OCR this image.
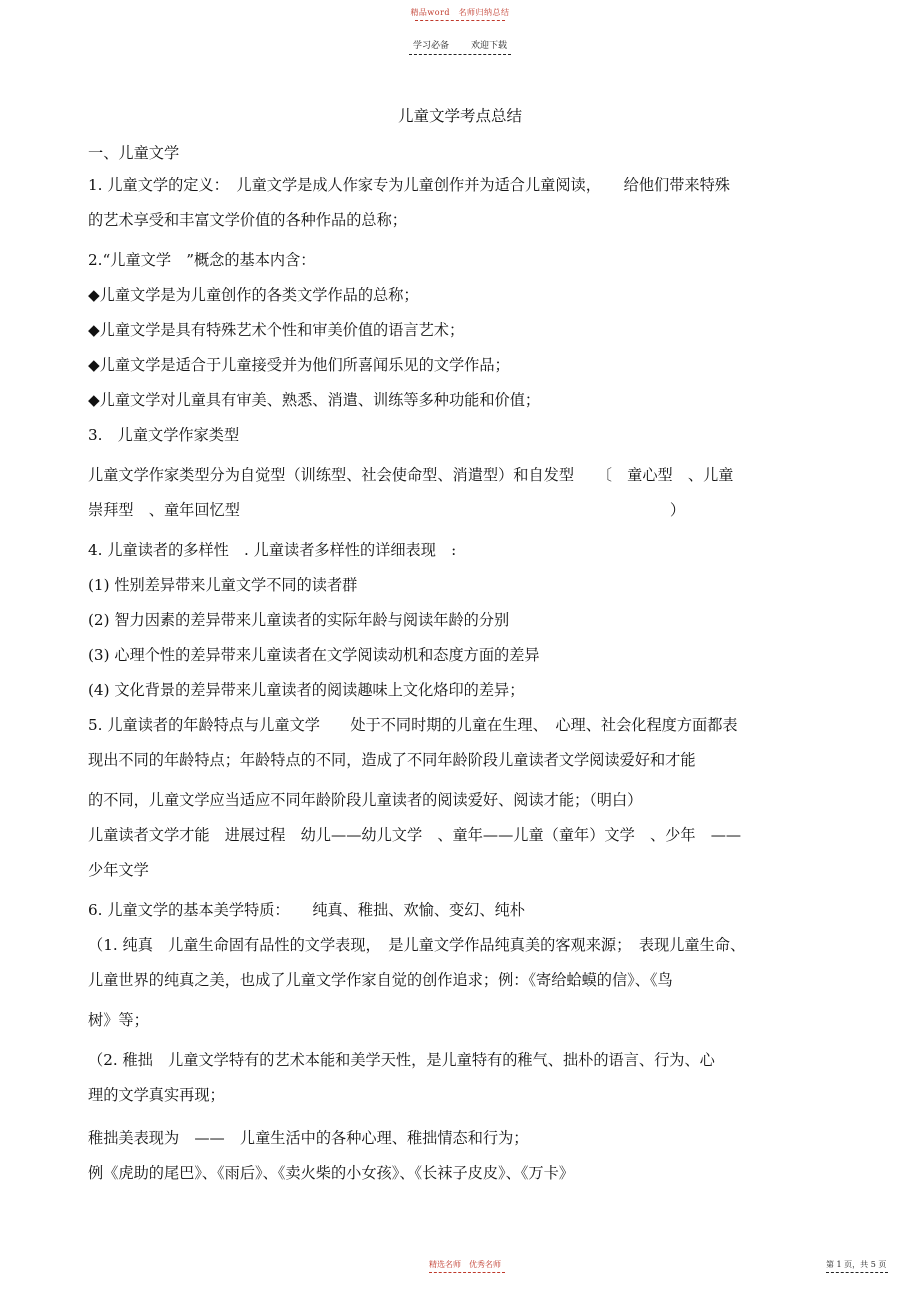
精品word　名师归纳总结
学习必备 欢迎下载
儿童文学考点总结
一、儿童文学
1. 儿童文学的定义：　儿童文学是成人作家专为儿童创作并为适合儿童阅读，　　给他们带来特殊
的艺术享受和丰富文学价值的各种作品的总称；
2.“儿童文学　”概念的基本内含：
◆儿童文学是为儿童创作的各类文学作品的总称；
◆儿童文学是具有特殊艺术个性和审美价值的语言艺术；
◆儿童文学是适合于儿童接受并为他们所喜闻乐见的文学作品；
◆儿童文学对儿童具有审美、熟悉、消遣、训练等多种功能和价值；
3.　儿童文学作家类型
儿童文学作家类型分为自觉型（训练型、社会使命型、消遣型）和自发型　　〔　童心型　、儿童
崇拜型　、童年回忆型	）
4. 儿童读者的多样性　. 儿童读者多样性的详细表现　:
(1) 性别差异带来儿童文学不同的读者群
(2) 智力因素的差异带来儿童读者的实际年龄与阅读年龄的分别
(3) 心理个性的差异带来儿童读者在文学阅读动机和态度方面的差异
(4) 文化背景的差异带来儿童读者的阅读趣味上文化烙印的差异；
5. 儿童读者的年龄特点与儿童文学　　处于不同时期的儿童在生理、　心理、社会化程度方面都表
现出不同的年龄特点；年龄特点的不同，造成了不同年龄阶段儿童读者文学阅读爱好和才能
的不同，儿童文学应当适应不同年龄阶段儿童读者的阅读爱好、阅读才能；（明白）
儿童读者文学才能　进展过程　幼儿——幼儿文学　、童年——儿童（童年）文学　、少年　——
少年文学
6. 儿童文学的基本美学特质：　　纯真、稚拙、欢愉、变幻、纯朴
（1. 纯真　儿童生命固有品性的文学表现，　是儿童文学作品纯真美的客观来源；　表现儿童生命、
儿童世界的纯真之美，也成了儿童文学作家自觉的创作追求；例：《寄给蛤蟆的信》、《鸟
树》等；
（2. 稚拙　儿童文学特有的艺术本能和美学天性，是儿童特有的稚气、拙朴的语言、行为、心
理的文学真实再现；
稚拙美表现为　——　儿童生活中的各种心理、稚拙情态和行为；
例《虎助的尾巴》、《雨后》、《卖火柴的小女孩》、《长袜子皮皮》、《万卡》
精选名师　优秀名师	第 1 页，共 5 页
